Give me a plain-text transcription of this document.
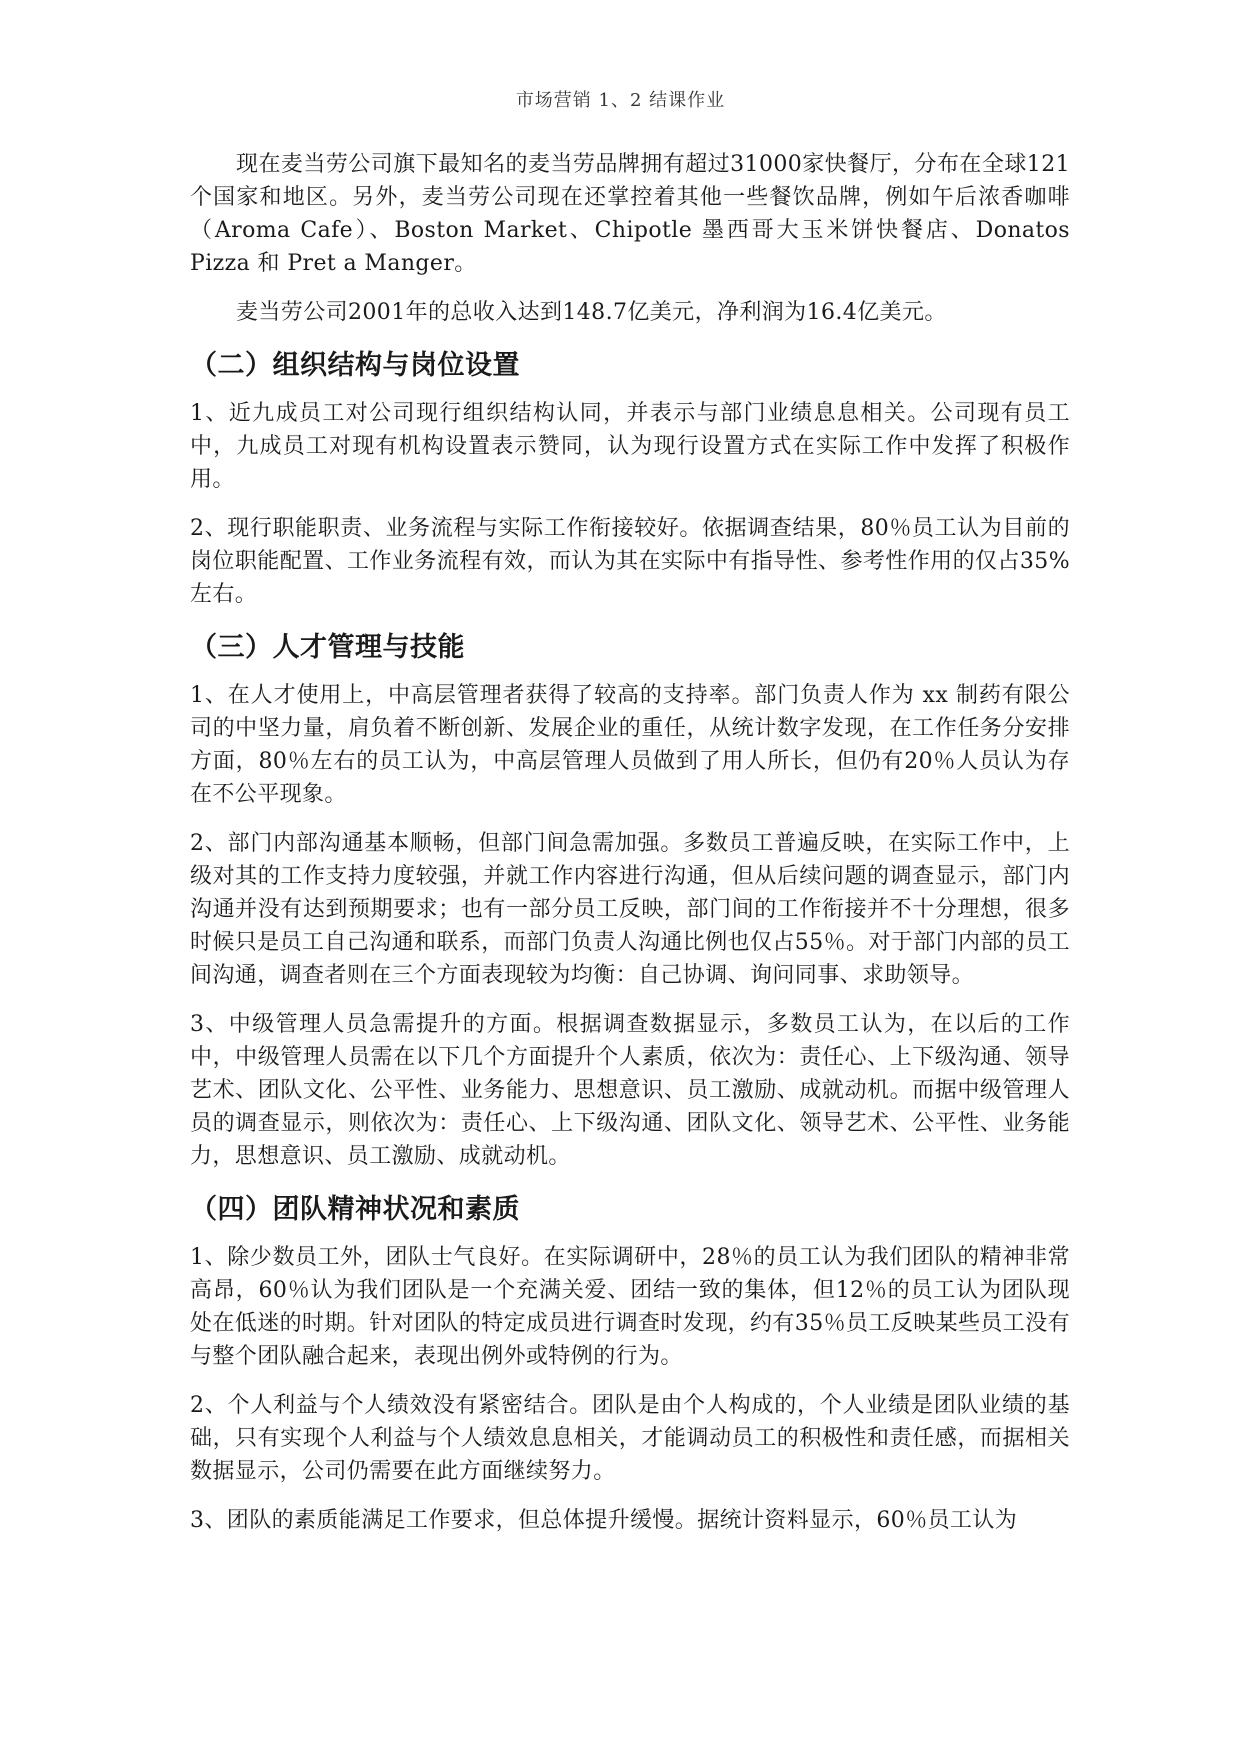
市场营销 1、2 结课作业

现在麦当劳公司旗下最知名的麦当劳品牌拥有超过31000家快餐厅，分布在全球121个国家和地区。另外，麦当劳公司现在还掌控着其他一些餐饮品牌，例如午后浓香咖啡（Aroma Cafe）、Boston Market、Chipotle 墨西哥大玉米饼快餐店、Donatos Pizza 和 Pret a Manger。

麦当劳公司2001年的总收入达到148.7亿美元，净利润为16.4亿美元。

（二）组织结构与岗位设置

1、近九成员工对公司现行组织结构认同，并表示与部门业绩息息相关。公司现有员工中，九成员工对现有机构设置表示赞同，认为现行设置方式在实际工作中发挥了积极作用。

2、现行职能职责、业务流程与实际工作衔接较好。依据调查结果，80％员工认为目前的岗位职能配置、工作业务流程有效，而认为其在实际中有指导性、参考性作用的仅占35%左右。

（三）人才管理与技能

1、在人才使用上，中高层管理者获得了较高的支持率。部门负责人作为 xx 制药有限公司的中坚力量，肩负着不断创新、发展企业的重任，从统计数字发现，在工作任务分安排方面，80％左右的员工认为，中高层管理人员做到了用人所长，但仍有20％人员认为存在不公平现象。

2、部门内部沟通基本顺畅，但部门间急需加强。多数员工普遍反映，在实际工作中，上级对其的工作支持力度较强，并就工作内容进行沟通，但从后续问题的调查显示，部门内沟通并没有达到预期要求；也有一部分员工反映，部门间的工作衔接并不十分理想，很多时候只是员工自己沟通和联系，而部门负责人沟通比例也仅占55％。对于部门内部的员工间沟通，调查者则在三个方面表现较为均衡：自己协调、询问同事、求助领导。

3、中级管理人员急需提升的方面。根据调查数据显示，多数员工认为，在以后的工作中，中级管理人员需在以下几个方面提升个人素质，依次为：责任心、上下级沟通、领导艺术、团队文化、公平性、业务能力、思想意识、员工激励、成就动机。而据中级管理人员的调查显示，则依次为：责任心、上下级沟通、团队文化、领导艺术、公平性、业务能力，思想意识、员工激励、成就动机。

（四）团队精神状况和素质

1、除少数员工外，团队士气良好。在实际调研中，28％的员工认为我们团队的精神非常高昂，60％认为我们团队是一个充满关爱、团结一致的集体，但12％的员工认为团队现处在低迷的时期。针对团队的特定成员进行调查时发现，约有35％员工反映某些员工没有与整个团队融合起来，表现出例外或特例的行为。

2、个人利益与个人绩效没有紧密结合。团队是由个人构成的，个人业绩是团队业绩的基础，只有实现个人利益与个人绩效息息相关，才能调动员工的积极性和责任感，而据相关数据显示，公司仍需要在此方面继续努力。

3、团队的素质能满足工作要求，但总体提升缓慢。据统计资料显示，60％员工认为
